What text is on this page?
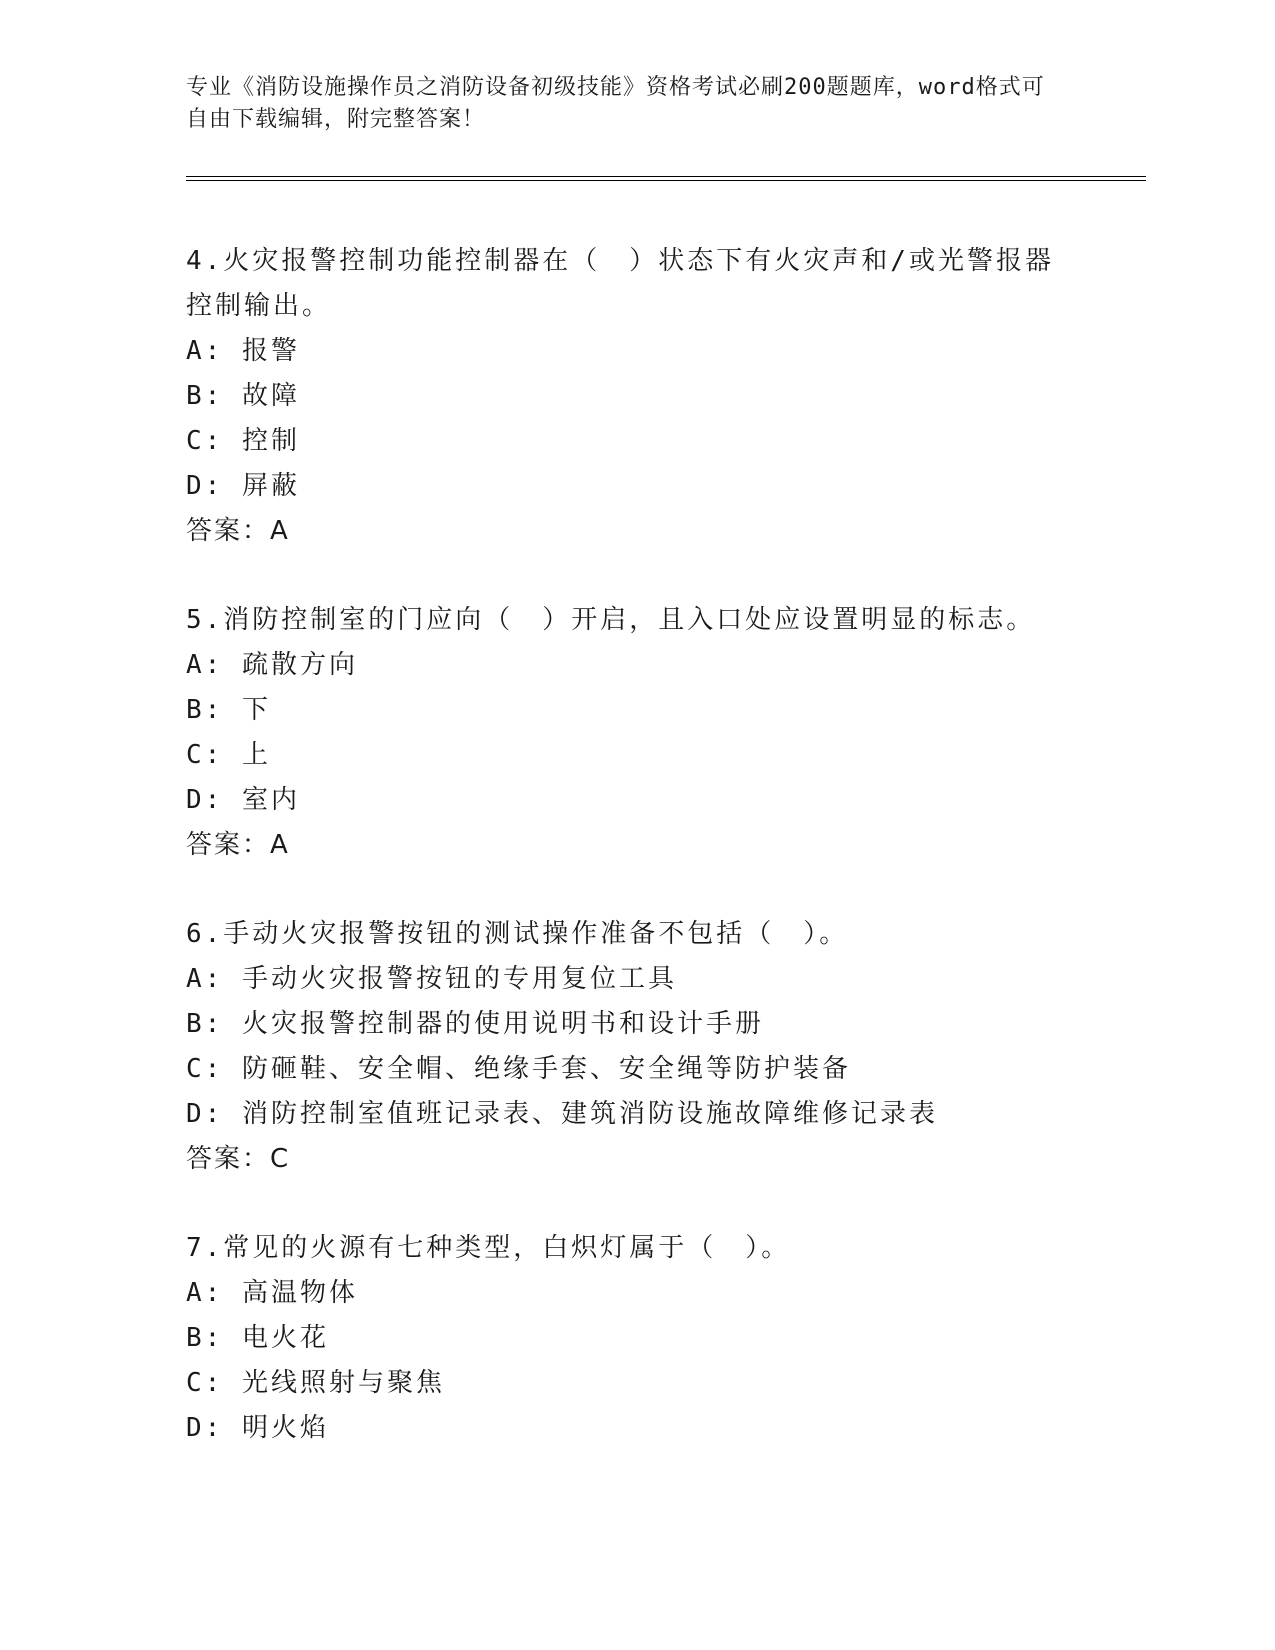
专业《消防设施操作员之消防设备初级技能》资格考试必刷200题题库，word格式可自由下载编辑，附完整答案！

4.火灾报警控制功能控制器在（　）状态下有火灾声和/或光警报器控制输出。

A: 报警

B: 故障

C: 控制

D: 屏蔽

答案：A

5.消防控制室的门应向（　）开启，且入口处应设置明显的标志。

A: 疏散方向

B: 下

C: 上

D: 室内

答案：A

6.手动火灾报警按钮的测试操作准备不包括（　）。

A: 手动火灾报警按钮的专用复位工具

B: 火灾报警控制器的使用说明书和设计手册

C: 防砸鞋、安全帽、绝缘手套、安全绳等防护装备

D: 消防控制室值班记录表、建筑消防设施故障维修记录表

答案：C

7.常见的火源有七种类型，白炽灯属于（　）。

A: 高温物体

B: 电火花

C: 光线照射与聚焦

D: 明火焰
